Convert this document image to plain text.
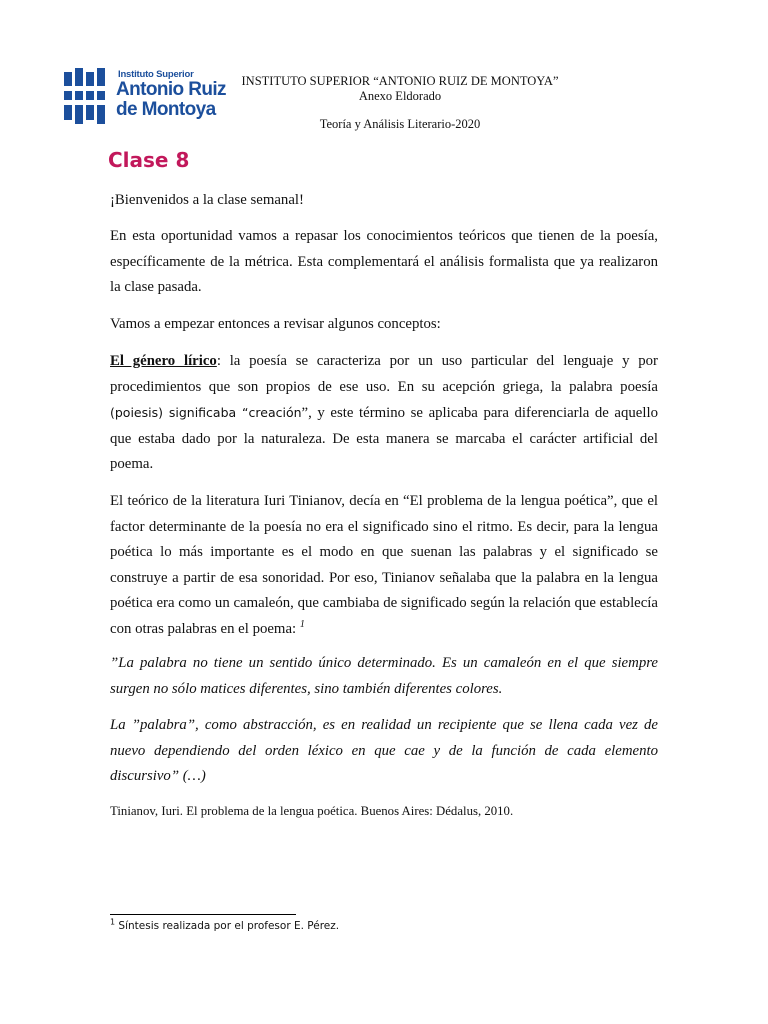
Instituto Superior
Antonio Ruiz
de Montoya
INSTITUTO SUPERIOR “ANTONIO RUIZ DE MONTOYA”
Anexo Eldorado
Teoría y Análisis Literario-2020
Clase 8
¡Bienvenidos a la clase semanal!
En esta oportunidad vamos a repasar los conocimientos teóricos que tienen de la poesía, específicamente de la métrica. Esta complementará el análisis formalista que ya realizaron la clase pasada.
Vamos a empezar entonces a revisar algunos conceptos:
El género lírico: la poesía se caracteriza por un uso particular del lenguaje y por procedimientos que son propios de ese uso. En su acepción griega, la palabra poesía (poiesis) significaba “creación”, y este término se aplicaba para diferenciarla de aquello que estaba dado por la naturaleza. De esta manera se marcaba el carácter artificial del poema.
El teórico de la literatura Iuri Tinianov, decía en “El problema de la lengua poética”, que el factor determinante de la poesía no era el significado sino el ritmo. Es decir, para la lengua poética lo más importante es el modo en que suenan las palabras y el significado se construye a partir de esa sonoridad. Por eso, Tinianov señalaba que la palabra en la lengua poética era como un camaleón, que cambiaba de significado según la relación que establecía con otras palabras en el poema: $^1$
”La palabra no tiene un sentido único determinado. Es un camaleón en el que siempre surgen no sólo matices diferentes, sino también diferentes colores.
La ”palabra”, como abstracción, es en realidad un recipiente que se llena cada vez de nuevo dependiendo del orden léxico en que cae y de la función de cada elemento discursivo” (…)
Tinianov, Iuri. El problema de la lengua poética. Buenos Aires: Dédalus, 2010.
$^1$ Síntesis realizada por el profesor E. Pérez.
